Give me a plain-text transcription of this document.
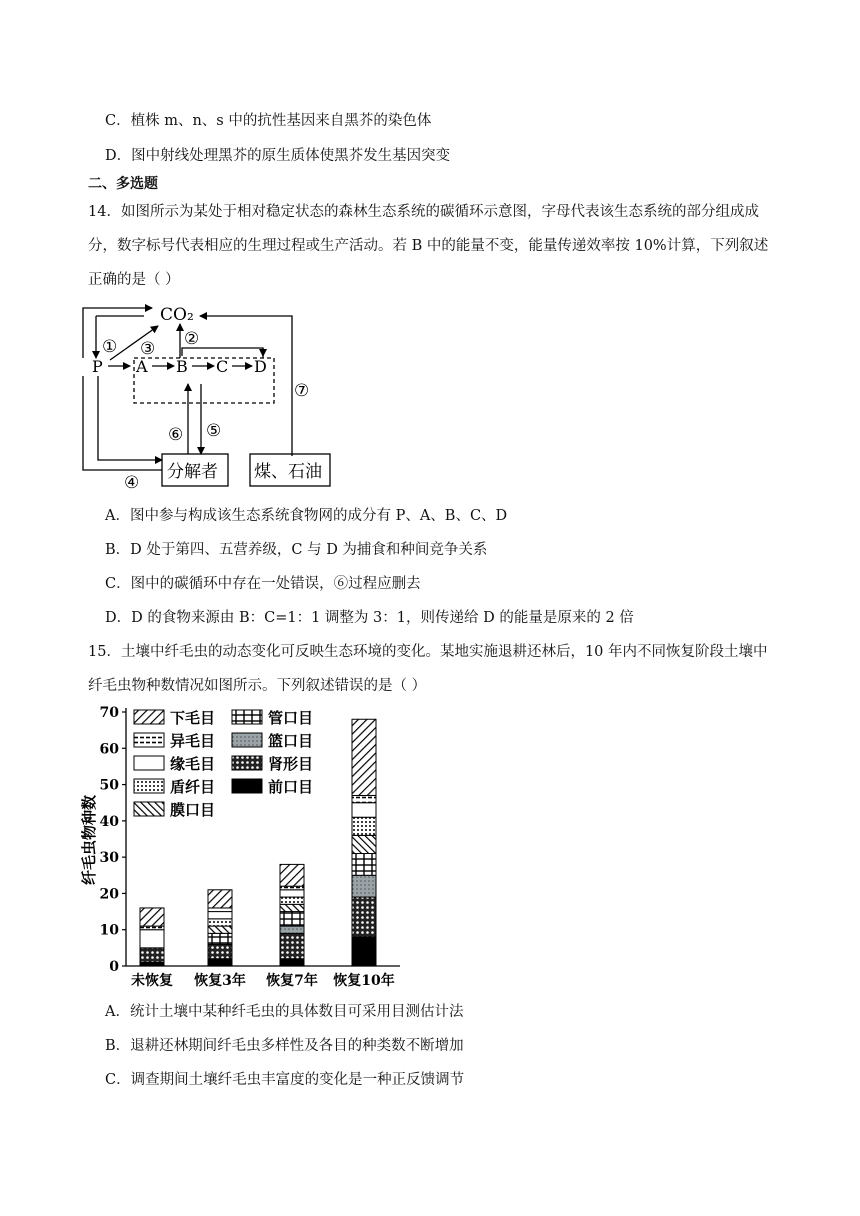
C．植株 m、n、s 中的抗性基因来自黑芥的染色体
D．图中射线处理黑芥的原生质体使黑芥发生基因突变
二、多选题
14．如图所示为某处于相对稳定状态的森林生态系统的碳循环示意图，字母代表该生态系统的部分组成成
分，数字标号代表相应的生理过程或生产活动。若 B 中的能量不变，能量传递效率按 10%计算，下列叙述
正确的是（ ）
CO₂
P A B C D
分解者 煤、石油
① ③ ②
⑦
⑥ ⑤
④
A．图中参与构成该生态系统食物网的成分有 P、A、B、C、D
B．D 处于第四、五营养级，C 与 D 为捕食和种间竞争关系
C．图中的碳循环中存在一处错误，⑥过程应删去
D．D 的食物来源由 B：C=1：1 调整为 3：1，则传递给 D 的能量是原来的 2 倍
15．土壤中纤毛虫的动态变化可反映生态环境的变化。某地实施退耕还林后，10 年内不同恢复阶段土壤中
纤毛虫物种数情况如图所示。下列叙述错误的是（ ）
0
10
20
30
40
50
60
70
纤毛虫物种数
未恢复 恢复3年 恢复7年 恢复10年
下毛目	管口目
异毛目	篮口目
缘毛目	肾形目
盾纤目	前口目
膜口目
A．统计土壤中某种纤毛虫的具体数目可采用目测估计法
B．退耕还林期间纤毛虫多样性及各目的种类数不断增加
C．调查期间土壤纤毛虫丰富度的变化是一种正反馈调节
